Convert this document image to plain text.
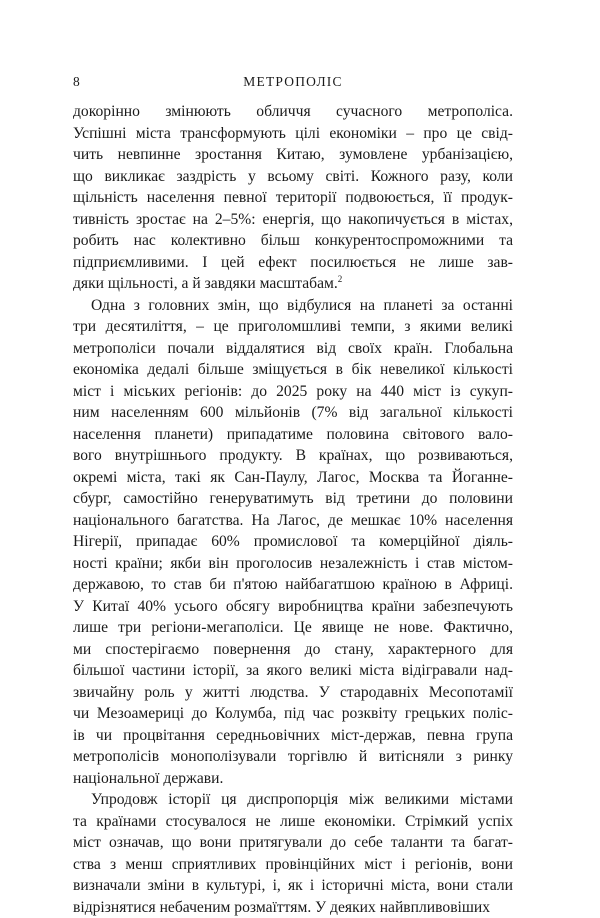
8	МЕТРОПОЛІС
докорінно змінюють обличчя сучасного метрополіса.
Успішні міста трансформують цілі економіки – про це свід-
чить невпинне зростання Китаю, зумовлене урбанізацією,
що викликає заздрість у всьому світі. Кожного разу, коли
щільність населення певної території подвоюється, її продук-
тивність зростає на 2–5%: енергія, що накопичується в містах,
робить нас колективно більш конкурентоспроможними та
підприємливими. І цей ефект посилюється не лише зав-
дяки щільності, а й завдяки масштабам.$^2$
Одна з головних змін, що відбулися на планеті за останні
три десятиліття, – це приголомшливі темпи, з якими великі
метрополіси почали віддалятися від своїх країн. Глобальна
економіка дедалі більше зміщується в бік невеликої кількості
міст і міських регіонів: до 2025 року на 440 міст із сукуп-
ним населенням 600 мільйонів (7% від загальної кількості
населення планети) припадатиме половина світового вало-
вого внутрішнього продукту. В країнах, що розвиваються,
окремі міста, такі як Сан-Паулу, Лагос, Москва та Йоганне-
сбург, самостійно генеруватимуть від третини до половини
національного багатства. На Лагос, де мешкає 10% населення
Нігерії, припадає 60% промислової та комерційної діяль-
ності країни; якби він проголосив незалежність і став містом-
державою, то став би п'ятою найбагатшою країною в Африці.
У Китаї 40% усього обсягу виробництва країни забезпечують
лише три регіони-мегаполіси. Це явище не нове. Фактично,
ми спостерігаємо повернення до стану, характерного для
більшої частини історії, за якого великі міста відігравали над-
звичайну роль у житті людства. У стародавніх Месопотамії
чи Мезоамериці до Колумба, під час розквіту грецьких поліс-
ів чи процвітання середньовічних міст-держав, певна група
метрополісів монополізували торгівлю й витісняли з ринку
національної держави.
Упродовж історії ця диспропорція між великими містами
та країнами стосувалося не лише економіки. Стрімкий успіх
міст означав, що вони притягували до себе таланти та багат-
ства з менш сприятливих провінційних міст і регіонів, вони
визначали зміни в культурі, і, як і історичні міста, вони стали
відрізнятися небаченим розмаїттям. У деяких найвпливовіших
